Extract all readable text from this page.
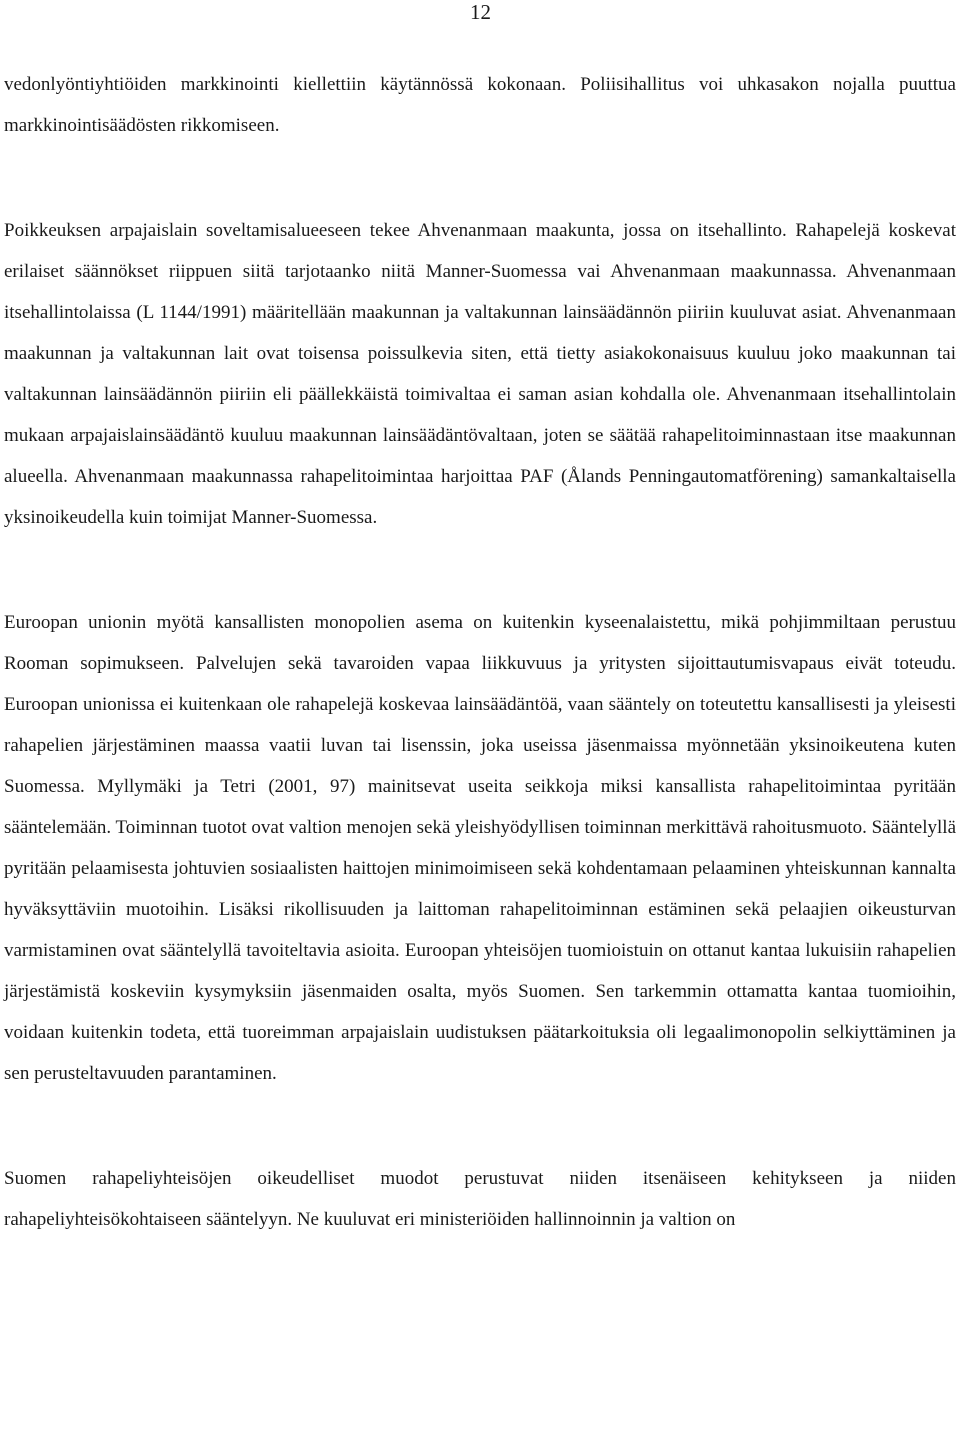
12

vedonlyöntiyhtiöiden markkinointi kiellettiin käytännössä kokonaan. Poliisihallitus voi uhkasakon nojalla puuttua markkinointisäädösten rikkomiseen.

Poikkeuksen arpajaislain soveltamisalueeseen tekee Ahvenanmaan maakunta, jossa on itsehallinto. Rahapelejä koskevat erilaiset säännökset riippuen siitä tarjotaanko niitä Manner-Suomessa vai Ahvenanmaan maakunnassa. Ahvenanmaan itsehallintolaissa (L 1144/1991) määritellään maakunnan ja valtakunnan lainsäädännön piiriin kuuluvat asiat. Ahvenanmaan maakunnan ja valtakunnan lait ovat toisensa poissulkevia siten, että tietty asiakokonaisuus kuuluu joko maakunnan tai valtakunnan lainsäädännön piiriin eli päällekkäistä toimivaltaa ei saman asian kohdalla ole. Ahvenanmaan itsehallintolain mukaan arpajaislainsäädäntö kuuluu maakunnan lainsäädäntövaltaan, joten se säätää rahapelitoiminnastaan itse maakunnan alueella. Ahvenanmaan maakunnassa rahapelitoimintaa harjoittaa PAF (Ålands Penningautomatförening) samankaltaisella yksinoikeudella kuin toimijat Manner-Suomessa.

Euroopan unionin myötä kansallisten monopolien asema on kuitenkin kyseenalaistettu, mikä pohjimmiltaan perustuu Rooman sopimukseen. Palvelujen sekä tavaroiden vapaa liikkuvuus ja yritysten sijoittautumisvapaus eivät toteudu. Euroopan unionissa ei kuitenkaan ole rahapelejä koskevaa lainsäädäntöä, vaan sääntely on toteutettu kansallisesti ja yleisesti rahapelien järjestäminen maassa vaatii luvan tai lisenssin, joka useissa jäsenmaissa myönnetään yksinoikeutena kuten Suomessa. Myllymäki ja Tetri (2001, 97) mainitsevat useita seikkoja miksi kansallista rahapelitoimintaa pyritään sääntelemään. Toiminnan tuotot ovat valtion menojen sekä yleishyödyllisen toiminnan merkittävä rahoitusmuoto. Sääntelyllä pyritään pelaamisesta johtuvien sosiaalisten haittojen minimoimiseen sekä kohdentamaan pelaaminen yhteiskunnan kannalta hyväksyttäviin muotoihin. Lisäksi rikollisuuden ja laittoman rahapelitoiminnan estäminen sekä pelaajien oikeusturvan varmistaminen ovat sääntelyllä tavoiteltavia asioita. Euroopan yhteisöjen tuomioistuin on ottanut kantaa lukuisiin rahapelien järjestämistä koskeviin kysymyksiin jäsenmaiden osalta, myös Suomen. Sen tarkemmin ottamatta kantaa tuomioihin, voidaan kuitenkin todeta, että tuoreimman arpajaislain uudistuksen päätarkoituksia oli legaalimonopolin selkiyttäminen ja sen perusteltavuuden parantaminen.

Suomen rahapeliyhteisöjen oikeudelliset muodot perustuvat niiden itsenäiseen kehitykseen ja niiden rahapeliyhteisökohtaiseen sääntelyyn. Ne kuuluvat eri ministeriöiden hallinnoinnin ja valtion on
